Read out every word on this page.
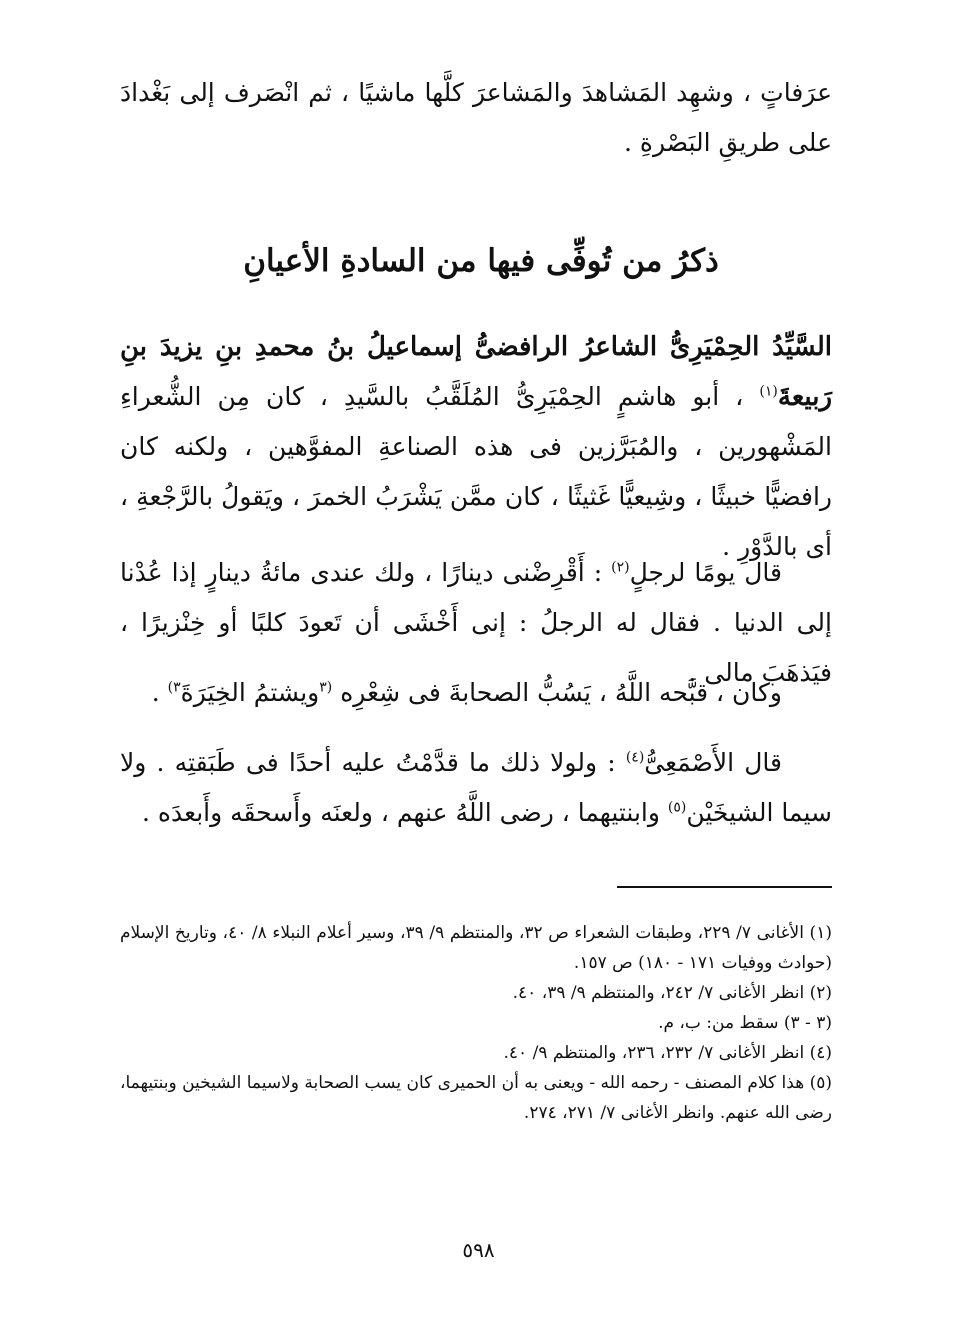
عرَفاتٍ ، وشهِد المَشاهدَ والمَشاعرَ كلَّها ماشيًا ، ثم انْصَرف إلى بَغْدادَ على طريقِ البَصْرةِ .

ذكرُ من تُوفِّى فيها من السادةِ الأعيانِ

السَّيِّدُ الحِمْيَرِىُّ الشاعرُ الرافضىُّ إسماعيلُ بنُ محمدِ بنِ يزيدَ بنِ رَبيعةَ$^{(١)}$ ، أبو هاشمٍ الحِمْيَرِىُّ المُلَقَّبُ بالسَّيدِ ، كان مِن الشُّعراءِ المَشْهورين ، والمُبَرَّزين فى هذه الصناعةِ المفوَّهين ، ولكنه كان رافضيًّا خبيثًا ، وشِيعيًّا غَثيثًا ، كان ممَّن يَشْرَبُ الخمرَ ، ويَقولُ بالرَّجْعةِ ، أى بالدَّوْرِ .

قال يومًا لرجلٍ$^{(٢)}$ : أَقْرِضْنى دينارًا ، ولك عندى مائةُ دينارٍ إذا عُدْنا إلى الدنيا . فقال له الرجلُ : إنى أَخْشَى أن تَعودَ كلبًا أو خِنْزيرًا ، فيَذهَبَ مالى .

وكان ، قبَّحه اللَّهُ ، يَسُبُّ الصحابةَ فى شِعْرِه $^{(٣}$ويشتمُ الخِيَرَةَ$^{٣)}$ .

قال الأَصْمَعِىُّ$^{(٤)}$ : ولولا ذلك ما قدَّمْتُ عليه أحدًا فى طَبَقتِه . ولا سيما الشيخَيْن$^{(٥)}$ وابنتيهما ، رضى اللَّهُ عنهم ، ولعنَه وأَسحقَه وأَبعدَه .

(١) الأغانى ٧/ ٢٢٩، وطبقات الشعراء ص ٣٢، والمنتظم ٩/ ٣٩، وسير أعلام النبلاء ٨/ ٤٠، وتاريخ الإسلام (حوادث ووفيات ١٧١ - ١٨٠) ص ١٥٧.
(٢) انظر الأغانى ٧/ ٢٤٢، والمنتظم ٩/ ٣٩، ٤٠.
(٣ - ٣) سقط من: ب، م.
(٤) انظر الأغانى ٧/ ٢٣٢، ٢٣٦، والمنتظم ٩/ ٤٠.
(٥) هذا كلام المصنف - رحمه الله - ويعنى به أن الحميرى كان يسب الصحابة ولاسيما الشيخين وبنتيهما، رضى الله عنهم. وانظر الأغانى ٧/ ٢٧١، ٢٧٤.
٥٩٨
